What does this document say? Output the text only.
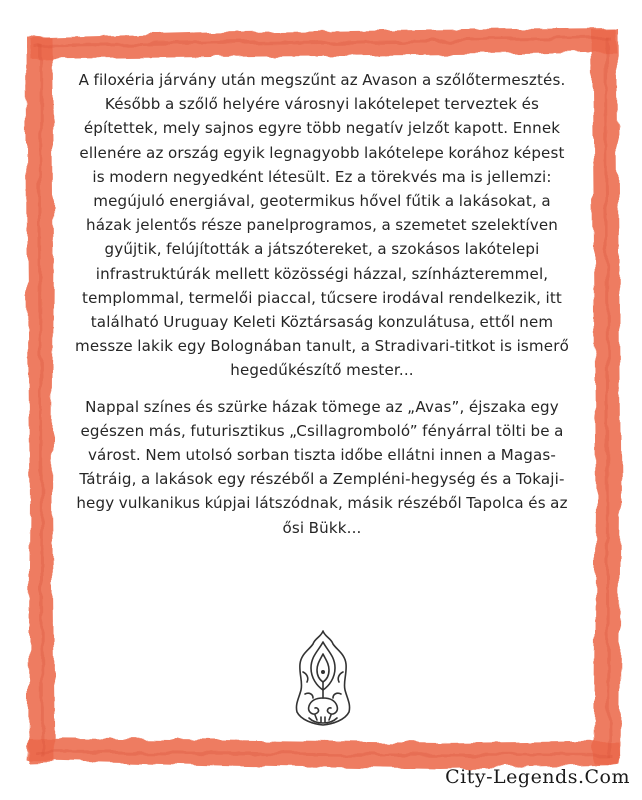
A filoxéria járvány után megszűnt az Avason a szőlőtermesztés. Később a szőlő helyére városnyi lakótelepet terveztek és építettek, mely sajnos egyre több negatív jelzőt kapott. Ennek ellenére az ország egyik legnagyobb lakótelepe korához képest is modern negyedként létesült. Ez a törekvés ma is jellemzi: megújuló energiával, geotermikus hővel fűtik a lakásokat, a házak jelentős része panelprogramos, a szemetet szelektíven gyűjtik, felújították a játszótereket, a szokásos lakótelepi infrastruktúrák mellett közösségi házzal, színházteremmel, templommal, termelői piaccal, tűcsere irodával rendelkezik, itt található Uruguay Keleti Köztársaság konzulátusa, ettől nem messze lakik egy Bolognában tanult, a Stradivari-titkot is ismerő hegedűkészítő mester...

Nappal színes és szürke házak tömege az „Avas”, éjszaka egy egészen más, futurisztikus „Csillagromboló” fényárral tölti be a várost. Nem utolsó sorban tiszta időbe ellátni innen a Magas-Tátráig, a lakások egy részéből a Zempléni-hegység és a Tokaji-hegy vulkanikus kúpjai látszódnak, másik részéből Tapolca és az ősi Bükk...

City-Legends.Com
